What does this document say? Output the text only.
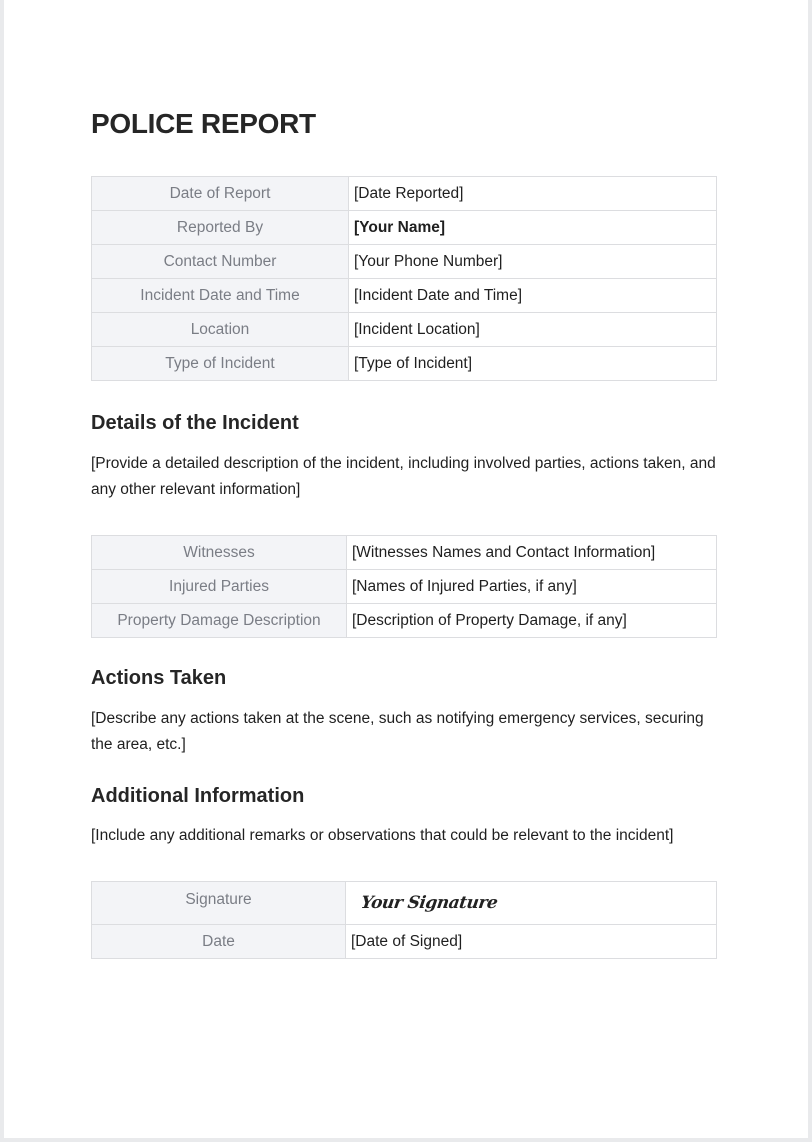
POLICE REPORT
Date of Report	[Date Reported]
Reported By	[Your Name]
Contact Number	[Your Phone Number]
Incident Date and Time	[Incident Date and Time]
Location	[Incident Location]
Type of Incident	[Type of Incident]
Details of the Incident

[Provide a detailed description of the incident, including involved parties, actions taken, and any other relevant information]

Witnesses	[Witnesses Names and Contact Information]
Injured Parties	[Names of Injured Parties, if any]
Property Damage Description	[Description of Property Damage, if any]
Actions Taken

[Describe any actions taken at the scene, such as notifying emergency services, securing the area, etc.]

Additional Information

[Include any additional remarks or observations that could be relevant to the incident]

Signature	Your Signature
Date	[Date of Signed]
